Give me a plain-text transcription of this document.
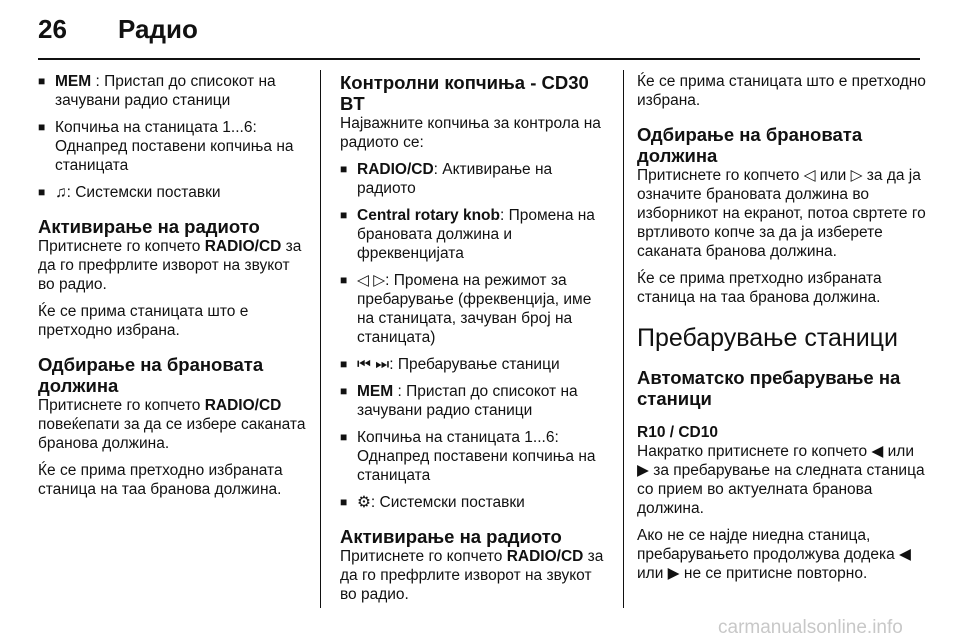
26 Радио
■ MEM : Пристап до списокот на зачувани радио станици
■ Копчиња на станицата 1...6: Однапред поставени копчиња на станицата
■ ♫: Системски поставки
Активирање на радиото

Притиснете го копчето RADIO/CD за да го префрлите изворот на звукот во радио.

Ќе се прима станицата што е претходно избрана.

Одбирање на брановата должина

Притиснете го копчето RADIO/CD повеќепати за да се избере саканата бранова должина.

Ќе се прима претходно избраната станица на таа бранова должина.

Контролни копчиња - CD30 BT

Најважните копчиња за контрола на радиото се:

■ RADIO/CD: Активирање на радиото
■ Central rotary knob: Промена на брановата должина и фреквенцијата
■ ◁ ▷: Промена на режимот за пребарување (фреквенција, име на станицата, зачуван број на станицата)
■ ⏮ ⏭: Пребарување станици
■ MEM : Пристап до списокот на зачувани радио станици
■ Копчиња на станицата 1...6: Однапред поставени копчиња на станицата
■ ⚙: Системски поставки
Активирање на радиото

Притиснете го копчето RADIO/CD за да го префрлите изворот на звукот во радио.

Ќе се прима станицата што е претходно избрана.

Одбирање на брановата должина

Притиснете го копчето ◁ или ▷ за да ја означите брановата должина во изборникот на екранот, потоа свртете го вртливото копче за да ја изберете саканата бранова должина.

Ќе се прима претходно избраната станица на таа бранова должина.

Пребарување станици
Автоматско пребарување на станици
R10 / CD10

Накратко притиснете го копчето ◀ или ▶ за пребарување на следната станица со прием во актуелната бранова должина.

Ако не се најде ниедна станица, пребарувањето продолжува додека ◀ или ▶ не се притисне повторно.

carmanualsonline.info
